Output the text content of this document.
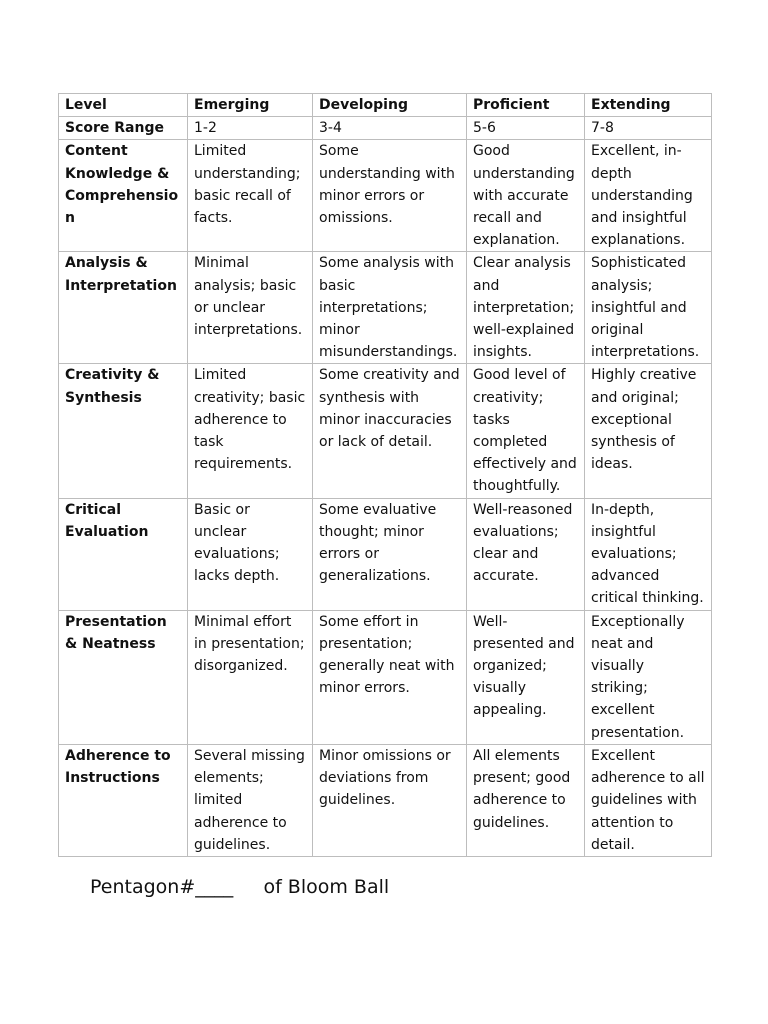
Level	Emerging	Developing	Proficient	Extending
Score Range	1-2	3-4	5-6	7-8
Content Knowledge & Comprehension	Limited understanding; basic recall of facts.	Some understanding with minor errors or omissions.	Good understanding with accurate recall and explanation.	Excellent, in-depth understanding and insightful explanations.
Analysis & Interpretation	Minimal analysis; basic or unclear interpretations.	Some analysis with basic interpretations; minor misunderstandings.	Clear analysis and interpretation; well-explained insights.	Sophisticated analysis; insightful and original interpretations.
Creativity & Synthesis	Limited creativity; basic adherence to task requirements.	Some creativity and synthesis with minor inaccuracies or lack of detail.	Good level of creativity; tasks completed effectively and thoughtfully.	Highly creative and original; exceptional synthesis of ideas.
Critical Evaluation	Basic or unclear evaluations; lacks depth.	Some evaluative thought; minor errors or generalizations.	Well-reasoned evaluations; clear and accurate.	In-depth, insightful evaluations; advanced critical thinking.
Presentation & Neatness	Minimal effort in presentation; disorganized.	Some effort in presentation; generally neat with minor errors.	Well-presented and organized; visually appealing.	Exceptionally neat and visually striking; excellent presentation.
Adherence to Instructions	Several missing elements; limited adherence to guidelines.	Minor omissions or deviations from guidelines.	All elements present; good adherence to guidelines.	Excellent adherence to all guidelines with attention to detail.
Pentagon#____     of Bloom Ball
